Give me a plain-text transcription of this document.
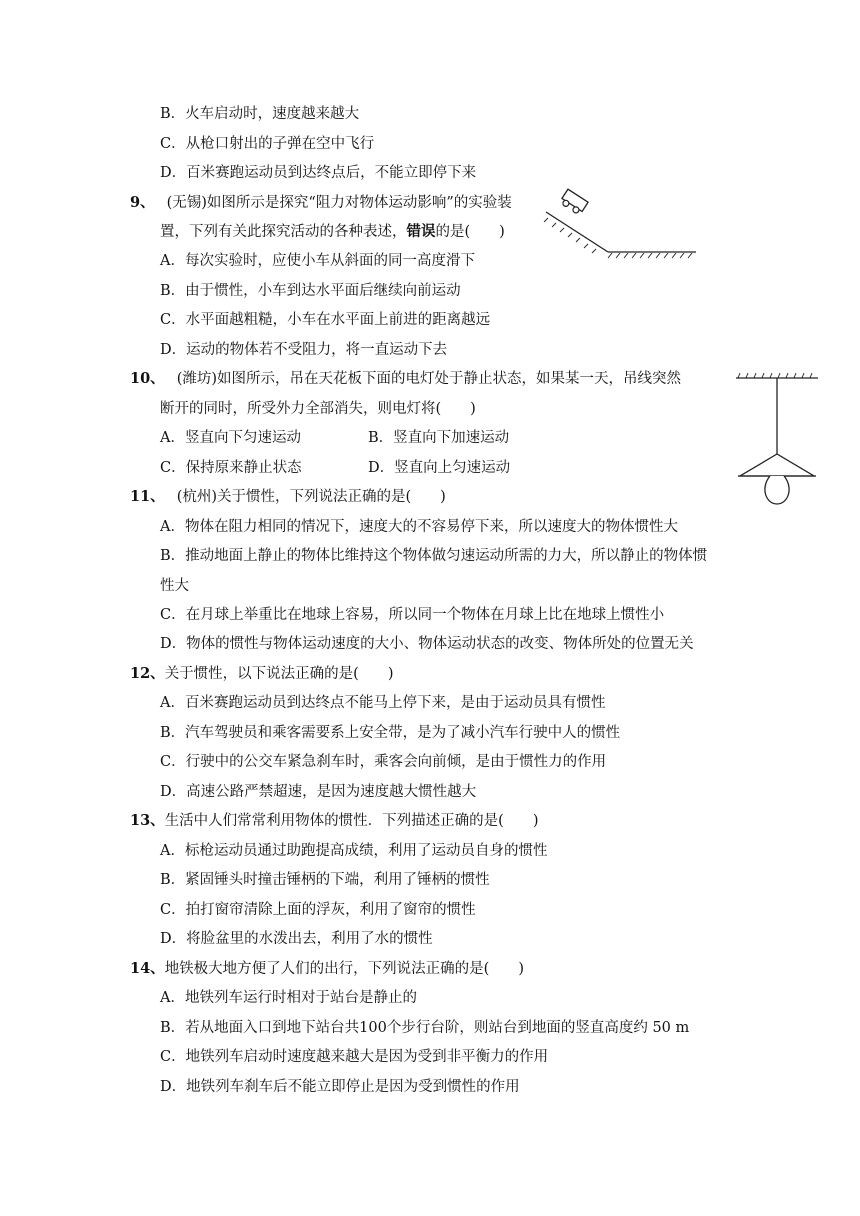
B．火车启动时，速度越来越大
C．从枪口射出的子弹在空中飞行
D．百米赛跑运动员到达终点后，不能立即停下来
9、 (无锡)如图所示是探究“阻力对物体运动影响”的实验装
置，下列有关此探究活动的各种表述，错误的是(　　)
A．每次实验时，应使小车从斜面的同一高度滑下
B．由于惯性，小车到达水平面后继续向前运动
C．水平面越粗糙，小车在水平面上前进的距离越远
D．运动的物体若不受阻力，将一直运动下去
10、 (潍坊)如图所示，吊在天花板下面的电灯处于静止状态，如果某一天，吊线突然
断开的同时，所受外力全部消失，则电灯将(　　)
A．竖直向下匀速运动	B．竖直向下加速运动
C．保持原来静止状态	D．竖直向上匀速运动
11、 (杭州)关于惯性，下列说法正确的是(　　)
A．物体在阻力相同的情况下，速度大的不容易停下来，所以速度大的物体惯性大
B．推动地面上静止的物体比维持这个物体做匀速运动所需的力大，所以静止的物体惯
性大
C．在月球上举重比在地球上容易，所以同一个物体在月球上比在地球上惯性小
D．物体的惯性与物体运动速度的大小、物体运动状态的改变、物体所处的位置无关
12、关于惯性，以下说法正确的是(　　)
A．百米赛跑运动员到达终点不能马上停下来，是由于运动员具有惯性
B．汽车驾驶员和乘客需要系上安全带，是为了减小汽车行驶中人的惯性
C．行驶中的公交车紧急刹车时，乘客会向前倾，是由于惯性力的作用
D．高速公路严禁超速，是因为速度越大惯性越大
13、生活中人们常常利用物体的惯性．下列描述正确的是(　　)
A．标枪运动员通过助跑提高成绩，利用了运动员自身的惯性
B．紧固锤头时撞击锤柄的下端，利用了锤柄的惯性
C．拍打窗帘清除上面的浮灰，利用了窗帘的惯性
D．将脸盆里的水泼出去，利用了水的惯性
14、地铁极大地方便了人们的出行，下列说法正确的是(　　)
A．地铁列车运行时相对于站台是静止的
B．若从地面入口到地下站台共100个步行台阶，则站台到地面的竖直高度约 50 m
C．地铁列车启动时速度越来越大是因为受到非平衡力的作用
D．地铁列车刹车后不能立即停止是因为受到惯性的作用
